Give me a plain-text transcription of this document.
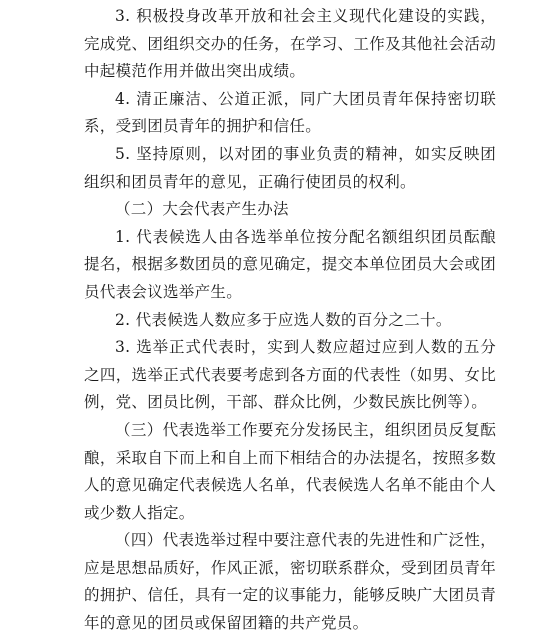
3. 积极投身改革开放和社会主义现代化建设的实践，完成党、团组织交办的任务，在学习、工作及其他社会活动中起模范作用并做出突出成绩。

4. 清正廉洁、公道正派，同广大团员青年保持密切联系，受到团员青年的拥护和信任。

5. 坚持原则，以对团的事业负责的精神，如实反映团组织和团员青年的意见，正确行使团员的权利。

（二）大会代表产生办法

1. 代表候选人由各选举单位按分配名额组织团员酝酿提名，根据多数团员的意见确定，提交本单位团员大会或团员代表会议选举产生。

2. 代表候选人数应多于应选人数的百分之二十。

3. 选举正式代表时，实到人数应超过应到人数的五分之四，选举正式代表要考虑到各方面的代表性（如男、女比例，党、团员比例，干部、群众比例，少数民族比例等）。

（三）代表选举工作要充分发扬民主，组织团员反复酝酿，采取自下而上和自上而下相结合的办法提名，按照多数人的意见确定代表候选人名单，代表候选人名单不能由个人或少数人指定。

（四）代表选举过程中要注意代表的先进性和广泛性，应是思想品质好，作风正派，密切联系群众，受到团员青年的拥护、信任，具有一定的议事能力，能够反映广大团员青年的意见的团员或保留团籍的共产党员。
